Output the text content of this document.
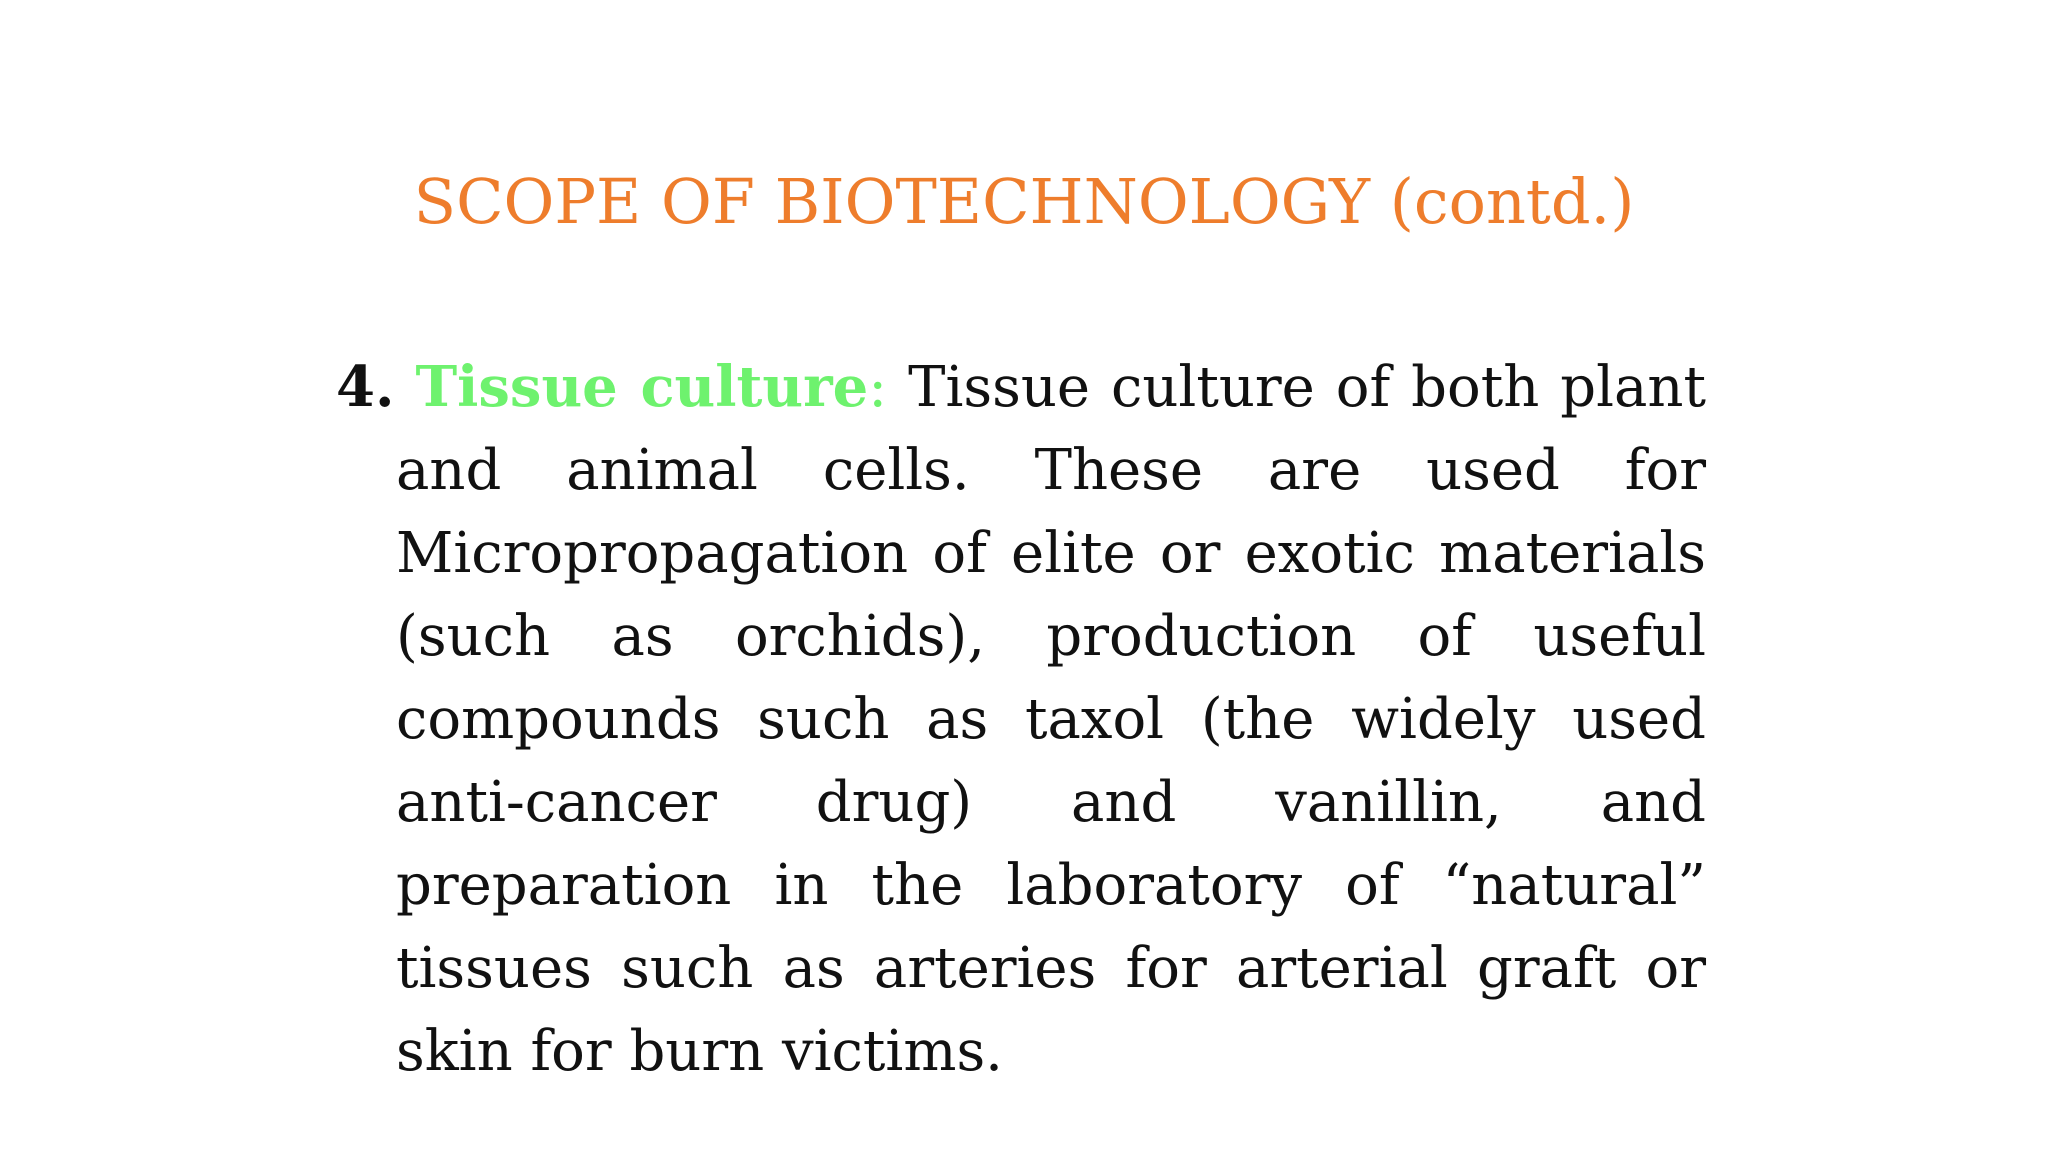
SCOPE OF BIOTECHNOLOGY (contd.)

4. Tissue culture: Tissue culture of both plant and animal cells. These are used for Micropropagation of elite or exotic materials (such as orchids), production of useful compounds such as taxol (the widely used anti-cancer drug) and vanillin, and preparation in the laboratory of “natural” tissues such as arteries for arterial graft or skin for burn victims.
